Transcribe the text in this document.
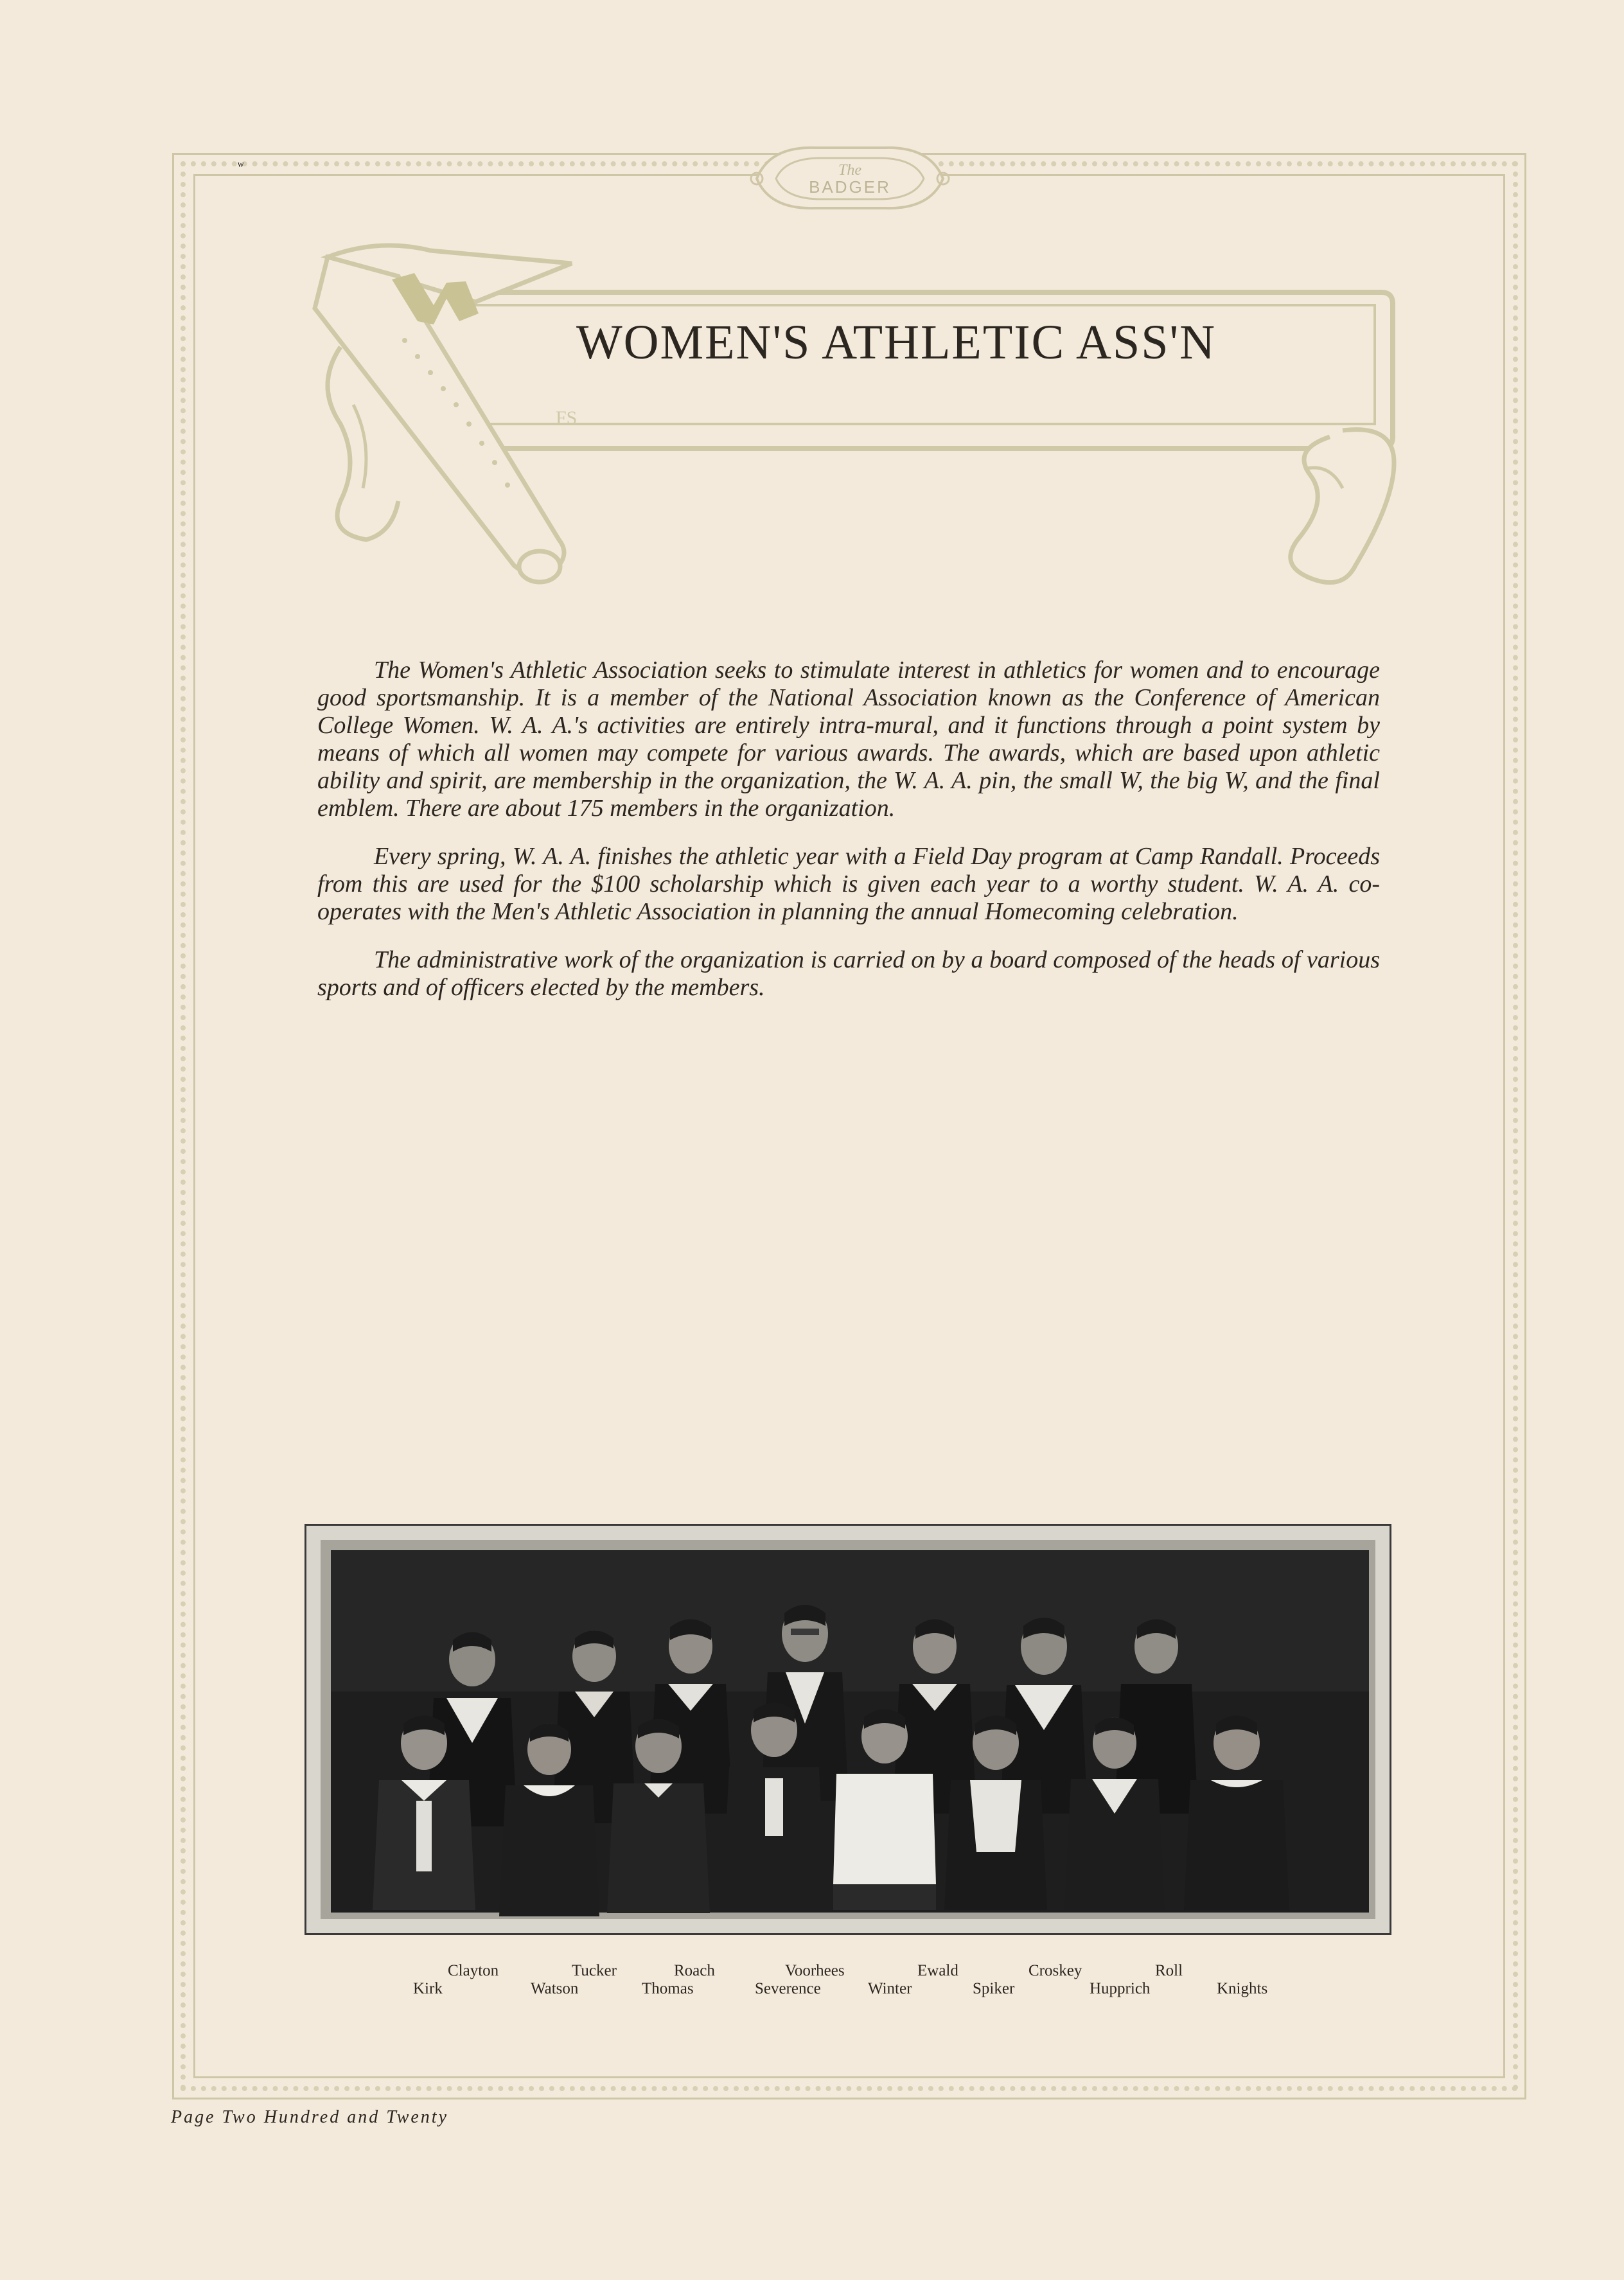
The
BADGER
W
FS
WOMEN'S ATHLETIC ASS'N

The Women's Athletic Association seeks to stimulate interest in athletics for women and to encourage good sportsmanship. It is a member of the National Association known as the Conference of American College Women. W. A. A.'s activities are entirely intra-mural, and it functions through a point system by means of which all women may compete for various awards. The awards, which are based upon athletic ability and spirit, are membership in the organization, the W. A. A. pin, the small W, the big W, and the final emblem. There are about 175 members in the organization.

Every spring, W. A. A. finishes the athletic year with a Field Day program at Camp Randall. Proceeds from this are used for the $100 scholarship which is given each year to a worthy student. W. A. A. co-operates with the Men's Athletic Association in planning the annual Homecoming celebration.

The administrative work of the organization is carried on by a board composed of the heads of various sports and of officers elected by the members.

Clayton	Tucker	Roach	Voorhees	Ewald	Croskey	Roll
Kirk	Watson	Thomas	Severence	Winter	Spiker	Hupprich	Knights
Page Two Hundred and Twenty
